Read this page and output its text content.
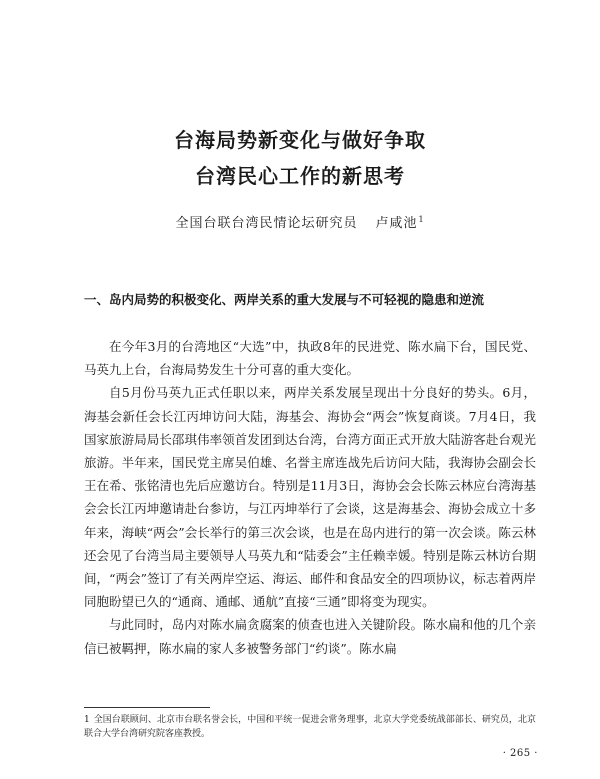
台海局势新变化与做好争取
台湾民心工作的新思考
全国台联台湾民情论坛研究员 卢咸池$^1$
一、岛内局势的积极变化、两岸关系的重大发展与不可轻视的隐患和逆流

在今年3月的台湾地区“大选”中，执政8年的民进党、陈水扁下台，国民党、马英九上台，台海局势发生十分可喜的重大变化。

自5月份马英九正式任职以来，两岸关系发展呈现出十分良好的势头。6月，海基会新任会长江丙坤访问大陆，海基会、海协会“两会”恢复商谈。7月4日，我国家旅游局局长邵琪伟率领首发团到达台湾，台湾方面正式开放大陆游客赴台观光旅游。半年来，国民党主席吴伯雄、名誉主席连战先后访问大陆，我海协会副会长王在希、张铭清也先后应邀访台。特别是11月3日，海协会会长陈云林应台湾海基会会长江丙坤邀请赴台参访，与江丙坤举行了会谈，这是海基会、海协会成立十多年来，海峡“两会”会长举行的第三次会谈，也是在岛内进行的第一次会谈。陈云林还会见了台湾当局主要领导人马英九和“陆委会”主任赖幸媛。特别是陈云林访台期间，“两会”签订了有关两岸空运、海运、邮件和食品安全的四项协议，标志着两岸同胞盼望已久的“通商、通邮、通航”直接“三通”即将变为现实。

与此同时，岛内对陈水扁贪腐案的侦查也进入关键阶段。陈水扁和他的几个亲信已被羁押，陈水扁的家人多被警务部门“约谈”。陈水扁

1 全国台联顾问、北京市台联名誉会长，中国和平统一促进会常务理事，北京大学党委统战部部长、研究员，北京联合大学台湾研究院客座教授。

· 265 ·
